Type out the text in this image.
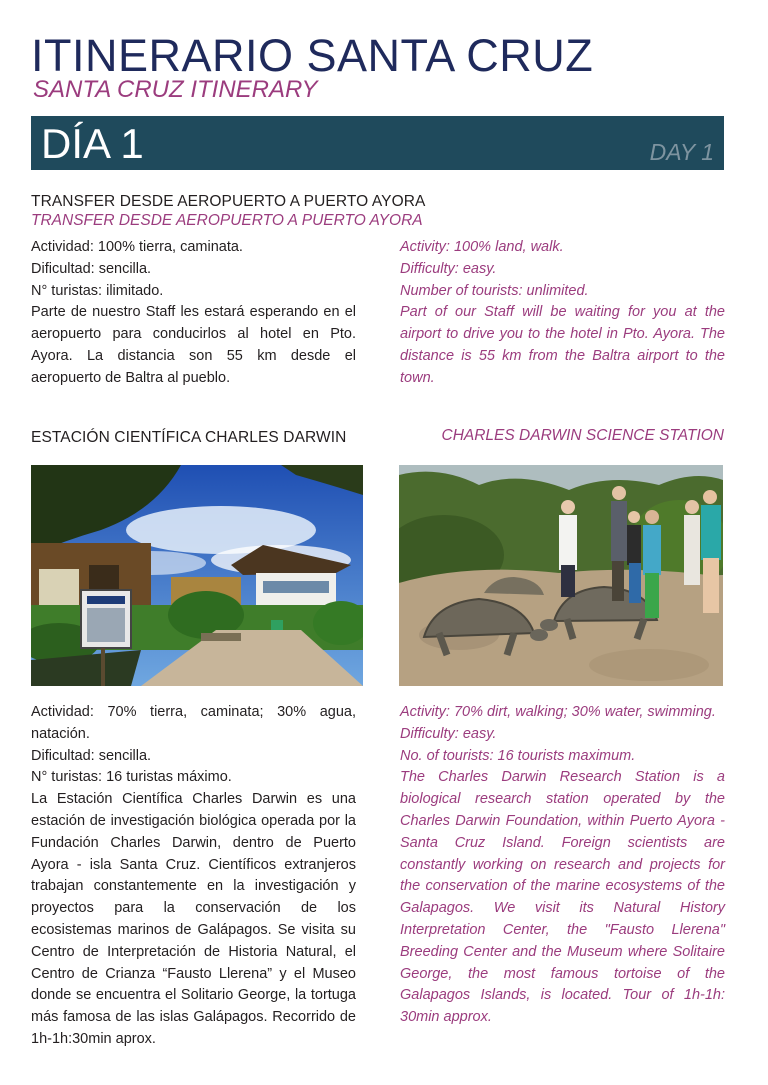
ITINERARIO SANTA CRUZ
SANTA CRUZ ITINERARY
DÍA 1	DAY 1
TRANSFER DESDE AEROPUERTO A PUERTO AYORA
TRANSFER DESDE AEROPUERTO A PUERTO AYORA

Actividad: 100% tierra, caminata.

Dificultad: sencilla.

N° turistas: ilimitado.

Parte de nuestro Staff les estará esperando en el aeropuerto para conducirlos al hotel en Pto. Ayora. La distancia son 55 km desde el aeropuerto de Baltra al pueblo.

Activity: 100% land, walk.

Difficulty: easy.

Number of tourists: unlimited.

Part of our Staff will be waiting for you at the airport to drive you to the hotel in Pto. Ayora. The distance is 55 km from the Baltra airport to the town.

ESTACIÓN CIENTÍFICA CHARLES DARWIN	CHARLES DARWIN SCIENCE STATION

Actividad: 70% tierra, caminata; 30% agua, natación.

Dificultad: sencilla.

N° turistas: 16 turistas máximo.

La Estación Científica Charles Darwin es una estación de investigación biológica operada por la Fundación Charles Darwin, dentro de Puerto Ayora - isla Santa Cruz. Científicos extranjeros trabajan constantemente en la investigación y proyectos para la conservación de los ecosistemas marinos de Galápagos. Se visita su Centro de Interpretación de Historia Natural, el Centro de Crianza “Fausto Llerena” y el Museo donde se encuentra el Solitario George, la tortuga más famosa de las islas Galápagos. Recorrido de 1h-1h:30min aprox.

Activity: 70% dirt, walking; 30% water, swimming.

Difficulty: easy.

No. of tourists: 16 tourists maximum.

The Charles Darwin Research Station is a biological research station operated by the Charles Darwin Foundation, within Puerto Ayora -Santa Cruz Island. Foreign scientists are constantly working on research and projects for the conservation of the marine ecosystems of the Galapagos. We visit its Natural History Interpretation Center, the "Fausto Llerena" Breeding Center and the Museum where Solitaire George, the most famous tortoise of the Galapagos Islands, is located. Tour of 1h-1h: 30min approx.
